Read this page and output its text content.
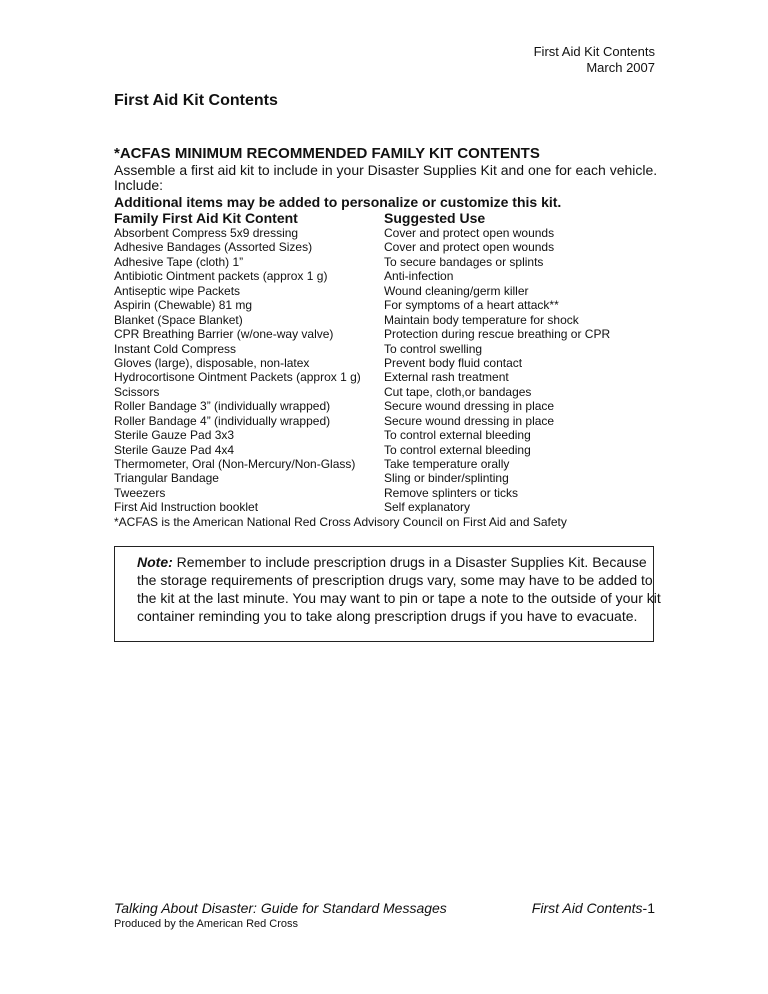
First Aid Kit Contents
March 2007
First Aid Kit Contents
*ACFAS MINIMUM RECOMMENDED FAMILY KIT CONTENTS
Assemble a first aid kit to include in your Disaster Supplies Kit and one for each vehicle. Include:
Additional items may be added to personalize or customize this kit.
Family First Aid Kit Content	Suggested Use
Absorbent Compress 5x9 dressing	Cover and protect open wounds
Adhesive Bandages (Assorted Sizes)	Cover and protect open wounds
Adhesive Tape (cloth) 1”	To secure bandages or splints
Antibiotic Ointment packets (approx 1 g)	Anti-infection
Antiseptic wipe Packets	Wound cleaning/germ killer
Aspirin (Chewable) 81 mg	For symptoms of a heart attack**
Blanket (Space Blanket)	Maintain body temperature for shock
CPR Breathing Barrier (w/one-way valve)	Protection during rescue breathing or CPR
Instant Cold Compress	To control swelling
Gloves (large), disposable, non-latex	Prevent body fluid contact
Hydrocortisone Ointment Packets (approx 1 g) External rash treatment
Scissors	Cut tape, cloth,or bandages
Roller Bandage 3” (individually wrapped)	Secure wound dressing in place
Roller Bandage 4” (individually wrapped)	Secure wound dressing in place
Sterile Gauze Pad 3x3	To control external bleeding
Sterile Gauze Pad 4x4	To control external bleeding
Thermometer, Oral (Non-Mercury/Non-Glass) Take temperature orally
Triangular Bandage	Sling or binder/splinting
Tweezers	Remove splinters or ticks
First Aid Instruction booklet	Self explanatory
*ACFAS is the American National Red Cross Advisory Council on First Aid and Safety
Note: Remember to include prescription drugs in a Disaster Supplies Kit. Because the storage requirements of prescription drugs vary, some may have to be added to the kit at the last minute. You may want to pin or tape a note to the outside of your kit container reminding you to take along prescription drugs if you have to evacuate.
Talking About Disaster: Guide for Standard Messages	First Aid Contents-1
Produced by the American Red Cross
